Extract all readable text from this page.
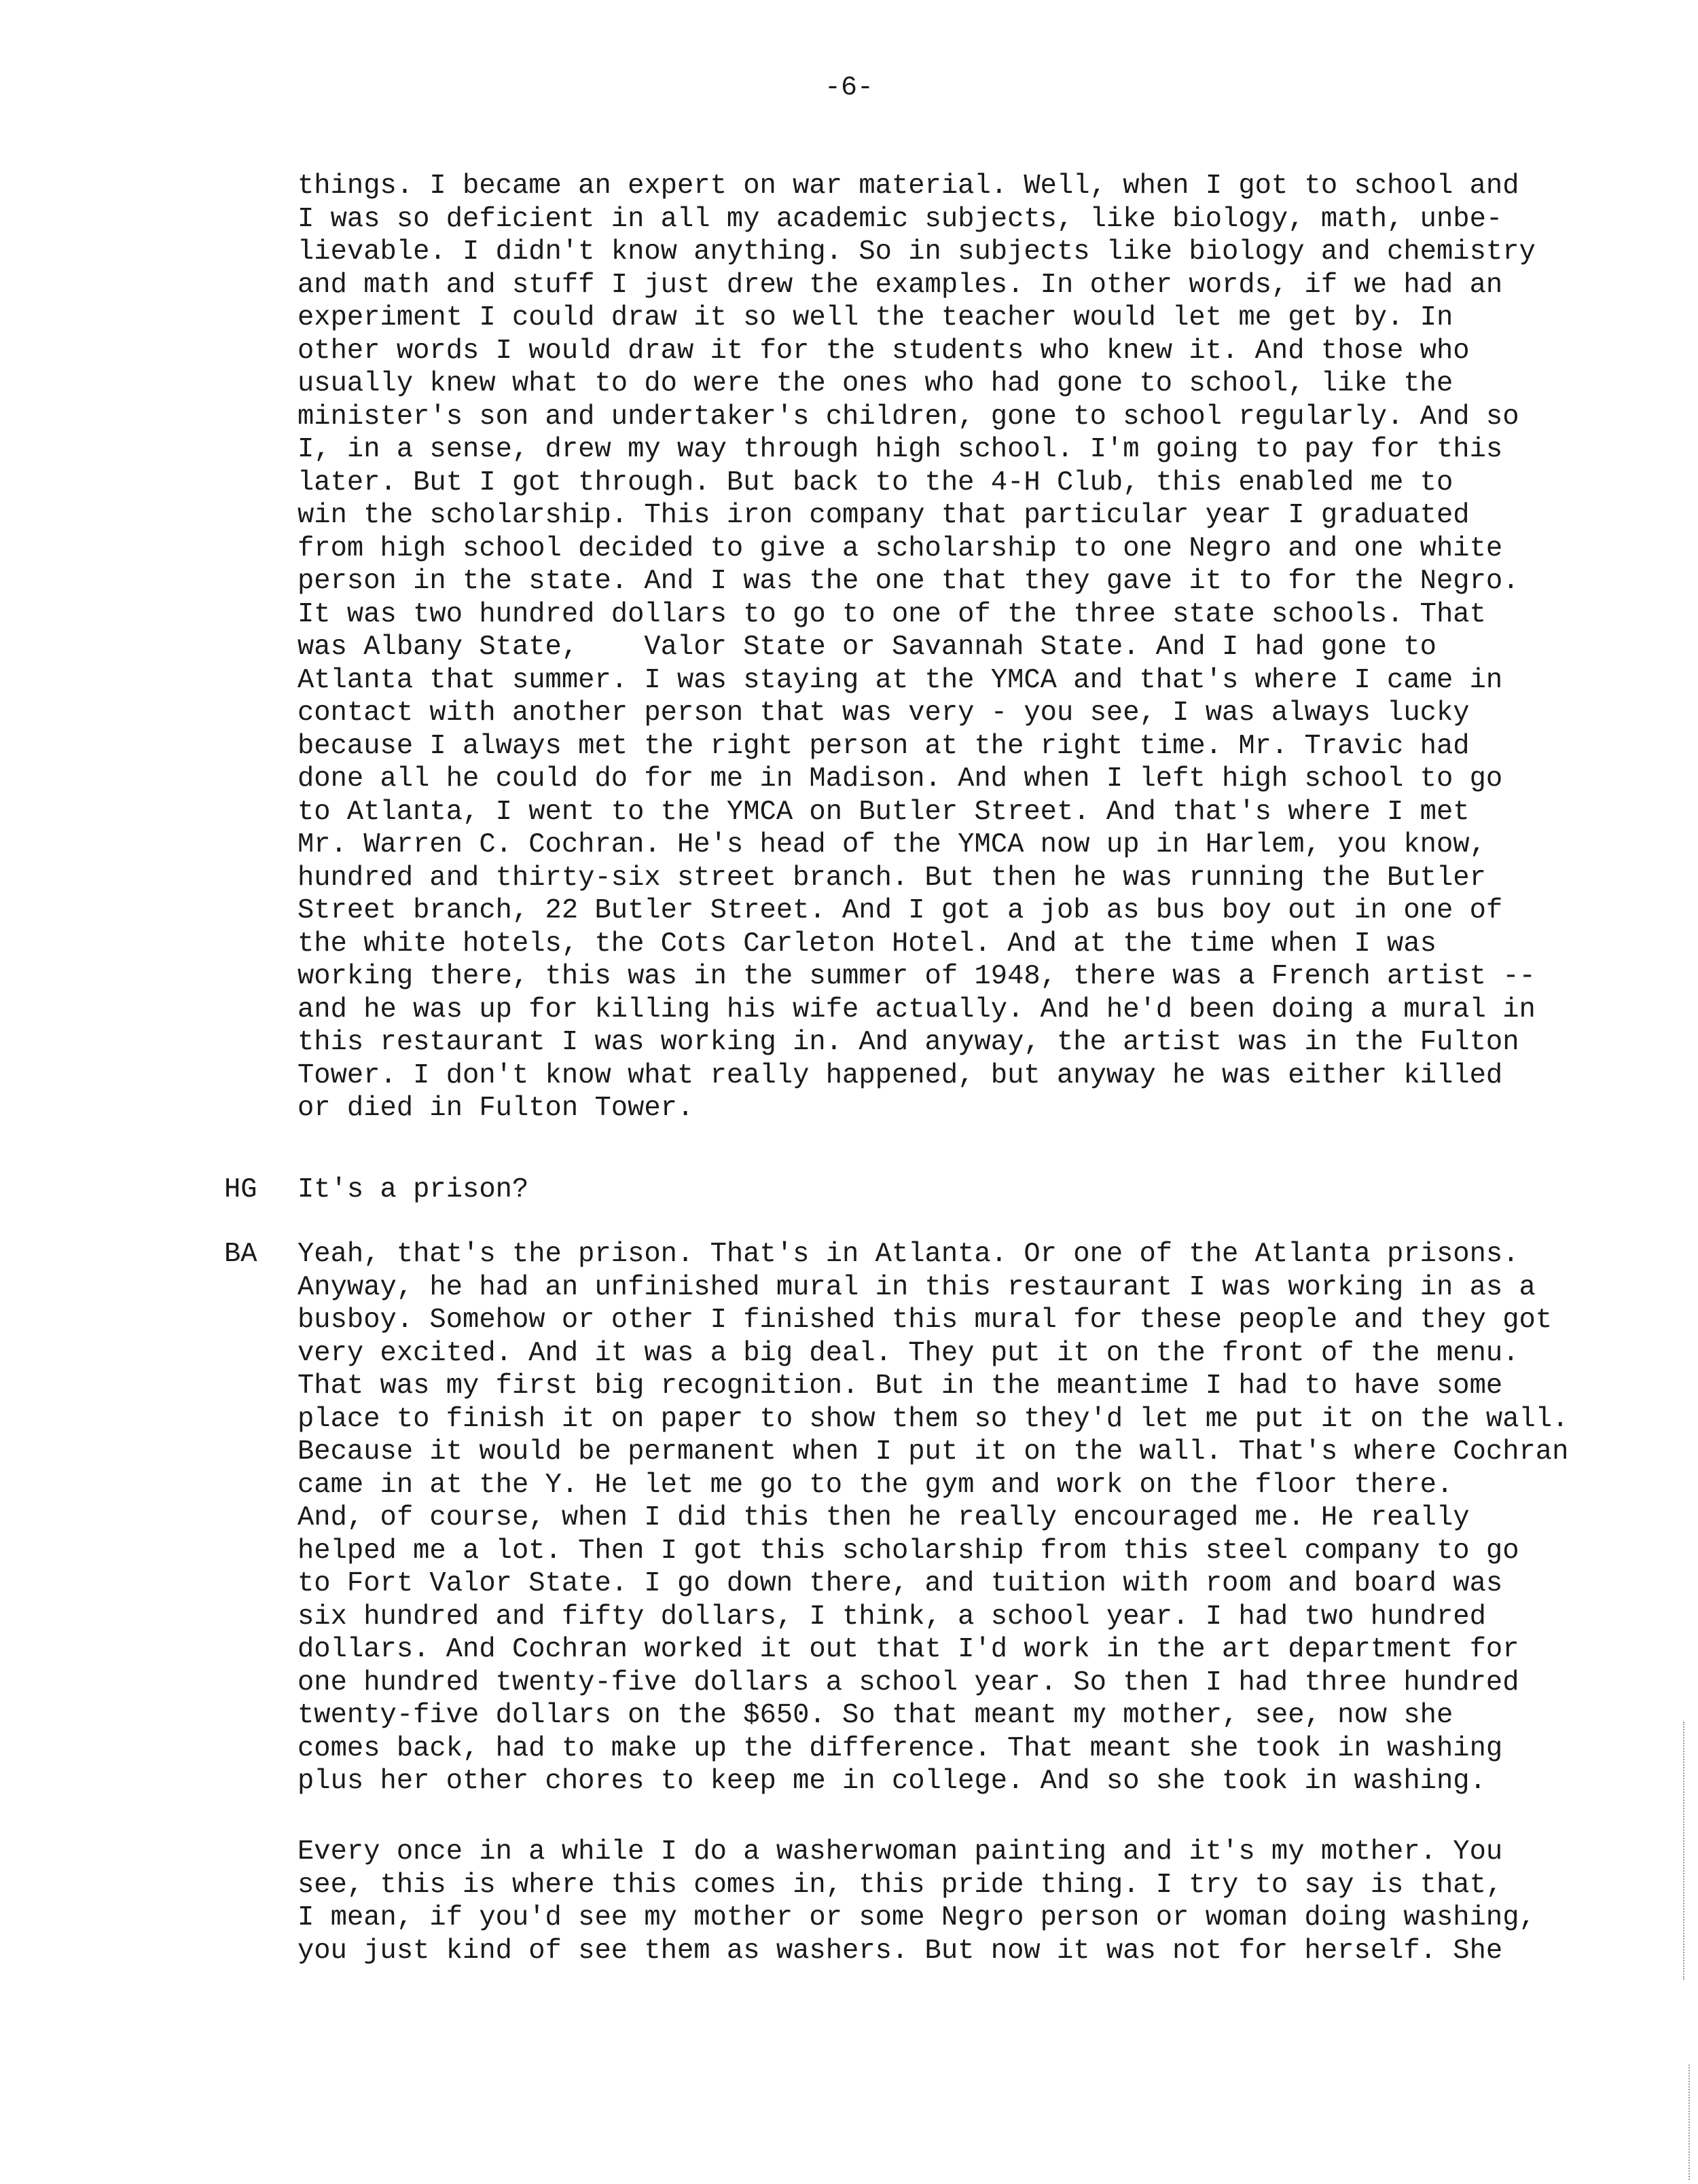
-6-
things. I became an expert on war material. Well, when I got to school and
I was so deficient in all my academic subjects, like biology, math, unbe-
lievable. I didn't know anything. So in subjects like biology and chemistry
and math and stuff I just drew the examples. In other words, if we had an
experiment I could draw it so well the teacher would let me get by. In
other words I would draw it for the students who knew it. And those who
usually knew what to do were the ones who had gone to school, like the
minister's son and undertaker's children, gone to school regularly. And so
I, in a sense, drew my way through high school. I'm going to pay for this
later. But I got through. But back to the 4-H Club, this enabled me to
win the scholarship. This iron company that particular year I graduated
from high school decided to give a scholarship to one Negro and one white
person in the state. And I was the one that they gave it to for the Negro.
It was two hundred dollars to go to one of the three state schools. That
was Albany State,    Valor State or Savannah State. And I had gone to
Atlanta that summer. I was staying at the YMCA and that's where I came in
contact with another person that was very - you see, I was always lucky
because I always met the right person at the right time. Mr. Travic had
done all he could do for me in Madison. And when I left high school to go
to Atlanta, I went to the YMCA on Butler Street. And that's where I met
Mr. Warren C. Cochran. He's head of the YMCA now up in Harlem, you know,
hundred and thirty-six street branch. But then he was running the Butler
Street branch, 22 Butler Street. And I got a job as bus boy out in one of
the white hotels, the Cots Carleton Hotel. And at the time when I was
working there, this was in the summer of 1948, there was a French artist --
and he was up for killing his wife actually. And he'd been doing a mural in
this restaurant I was working in. And anyway, the artist was in the Fulton
Tower. I don't know what really happened, but anyway he was either killed
or died in Fulton Tower.
HG It's a prison?
BA Yeah, that's the prison. That's in Atlanta. Or one of the Atlanta prisons.
Anyway, he had an unfinished mural in this restaurant I was working in as a
busboy. Somehow or other I finished this mural for these people and they got
very excited. And it was a big deal. They put it on the front of the menu.
That was my first big recognition. But in the meantime I had to have some
place to finish it on paper to show them so they'd let me put it on the wall.
Because it would be permanent when I put it on the wall. That's where Cochran
came in at the Y. He let me go to the gym and work on the floor there.
And, of course, when I did this then he really encouraged me. He really
helped me a lot. Then I got this scholarship from this steel company to go
to Fort Valor State. I go down there, and tuition with room and board was
six hundred and fifty dollars, I think, a school year. I had two hundred
dollars. And Cochran worked it out that I'd work in the art department for
one hundred twenty-five dollars a school year. So then I had three hundred
twenty-five dollars on the $650. So that meant my mother, see, now she
comes back, had to make up the difference. That meant she took in washing
plus her other chores to keep me in college. And so she took in washing.
Every once in a while I do a washerwoman painting and it's my mother. You
see, this is where this comes in, this pride thing. I try to say is that,
I mean, if you'd see my mother or some Negro person or woman doing washing,
you just kind of see them as washers. But now it was not for herself. She
